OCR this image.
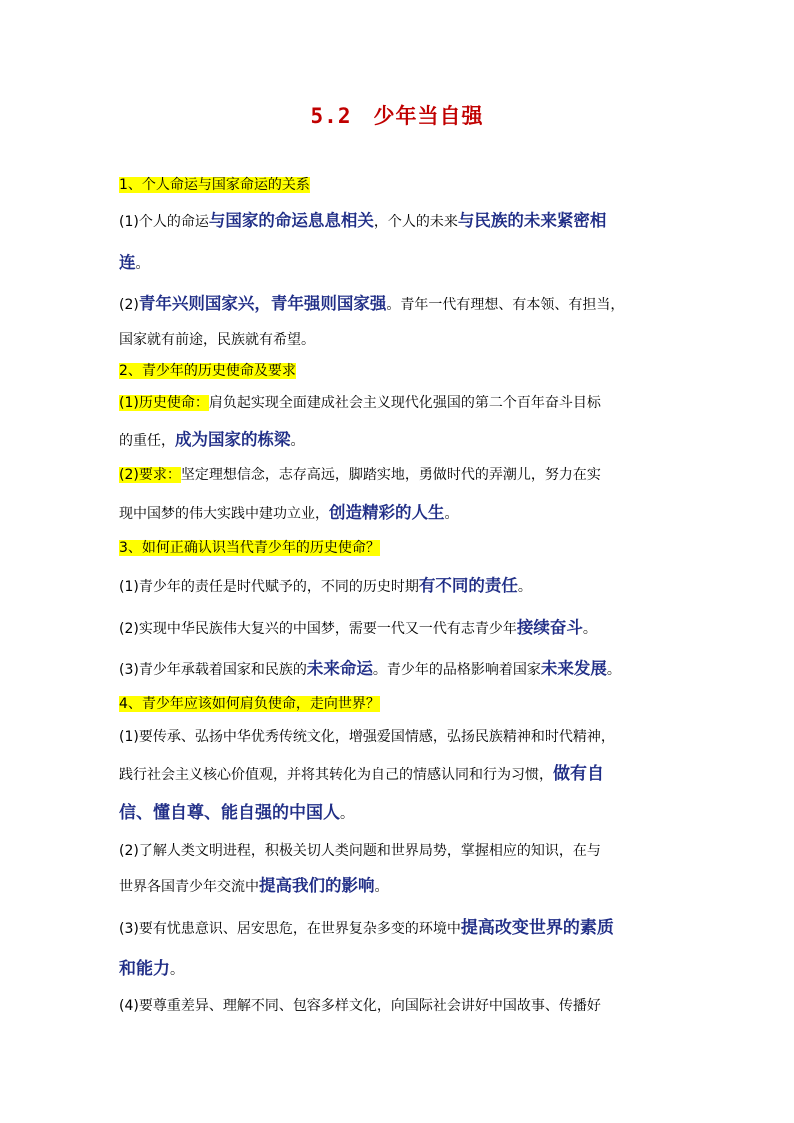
5.2 少年当自强
1、个人命运与国家命运的关系
(1)个人的命运与国家的命运息息相关，个人的未来与民族的未来紧密相
连。
(2)青年兴则国家兴，青年强则国家强。青年一代有理想、有本领、有担当，
国家就有前途，民族就有希望。
2、青少年的历史使命及要求
(1)历史使命：肩负起实现全面建成社会主义现代化强国的第二个百年奋斗目标
的重任，成为国家的栋梁。
(2)要求：坚定理想信念，志存高远，脚踏实地，勇做时代的弄潮儿，努力在实
现中国梦的伟大实践中建功立业，创造精彩的人生。
3、如何正确认识当代青少年的历史使命？
(1)青少年的责任是时代赋予的，不同的历史时期有不同的责任。
(2)实现中华民族伟大复兴的中国梦，需要一代又一代有志青少年接续奋斗。
(3)青少年承载着国家和民族的未来命运。青少年的品格影响着国家未来发展。
4、青少年应该如何肩负使命，走向世界？
(1)要传承、弘扬中华优秀传统文化，增强爱国情感，弘扬民族精神和时代精神，
践行社会主义核心价值观，并将其转化为自己的情感认同和行为习惯，做有自
信、懂自尊、能自强的中国人。
(2)了解人类文明进程，积极关切人类问题和世界局势，掌握相应的知识，在与
世界各国青少年交流中提高我们的影响。
(3)要有忧患意识、居安思危，在世界复杂多变的环境中提高改变世界的素质
和能力。
(4)要尊重差异、理解不同、包容多样文化，向国际社会讲好中国故事、传播好
